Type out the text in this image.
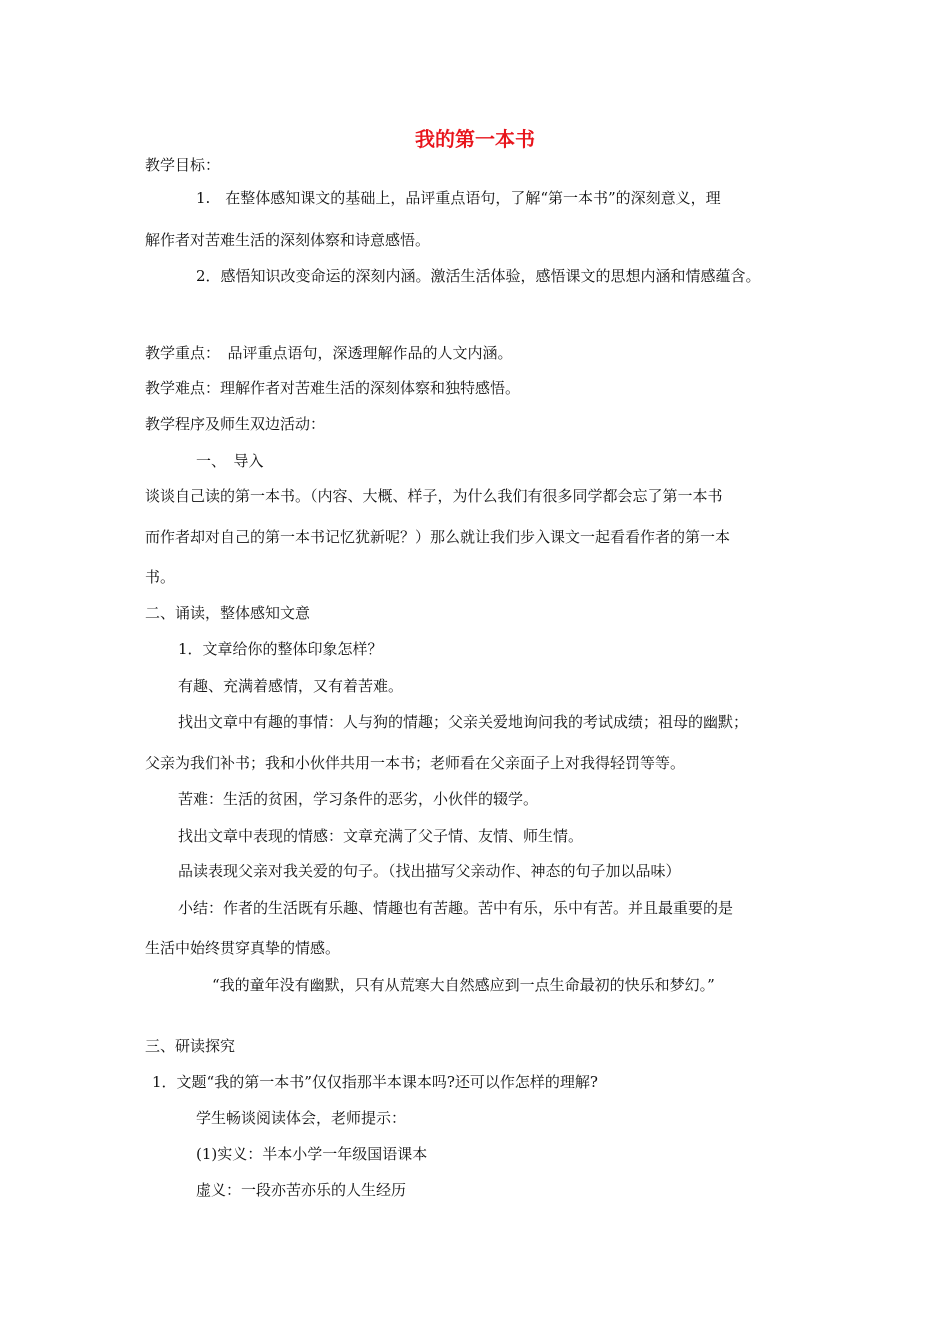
我的第一本书
教学目标：
1.　在整体感知课文的基础上，品评重点语句，了解“第一本书”的深刻意义，理
解作者对苦难生活的深刻体察和诗意感悟。
2．感悟知识改变命运的深刻内涵。激活生活体验，感悟课文的思想内涵和情感蕴含。
教学重点：　品评重点语句，深透理解作品的人文内涵。
教学难点：理解作者对苦难生活的深刻体察和独特感悟。
教学程序及师生双边活动：
一、　导入
谈谈自己读的第一本书。（内容、大概、样子，为什么我们有很多同学都会忘了第一本书
而作者却对自己的第一本书记忆犹新呢？）那么就让我们步入课文一起看看作者的第一本
书。
二、诵读，整体感知文意
1．文章给你的整体印象怎样？
有趣、充满着感情，又有着苦难。
找出文章中有趣的事情：人与狗的情趣；父亲关爱地询问我的考试成绩；祖母的幽默；
父亲为我们补书；我和小伙伴共用一本书；老师看在父亲面子上对我得轻罚等等。
苦难：生活的贫困，学习条件的恶劣，小伙伴的辍学。
找出文章中表现的情感：文章充满了父子情、友情、师生情。
品读表现父亲对我关爱的句子。（找出描写父亲动作、神态的句子加以品味）
小结：作者的生活既有乐趣、情趣也有苦趣。苦中有乐，乐中有苦。并且最重要的是
生活中始终贯穿真挚的情感。
“我的童年没有幽默，只有从荒寒大自然感应到一点生命最初的快乐和梦幻。”
三、研读探究
1．文题“我的第一本书”仅仅指那半本课本吗?还可以作怎样的理解?
学生畅谈阅读体会，老师提示：
(1)实义：半本小学一年级国语课本
虚义：一段亦苦亦乐的人生经历
